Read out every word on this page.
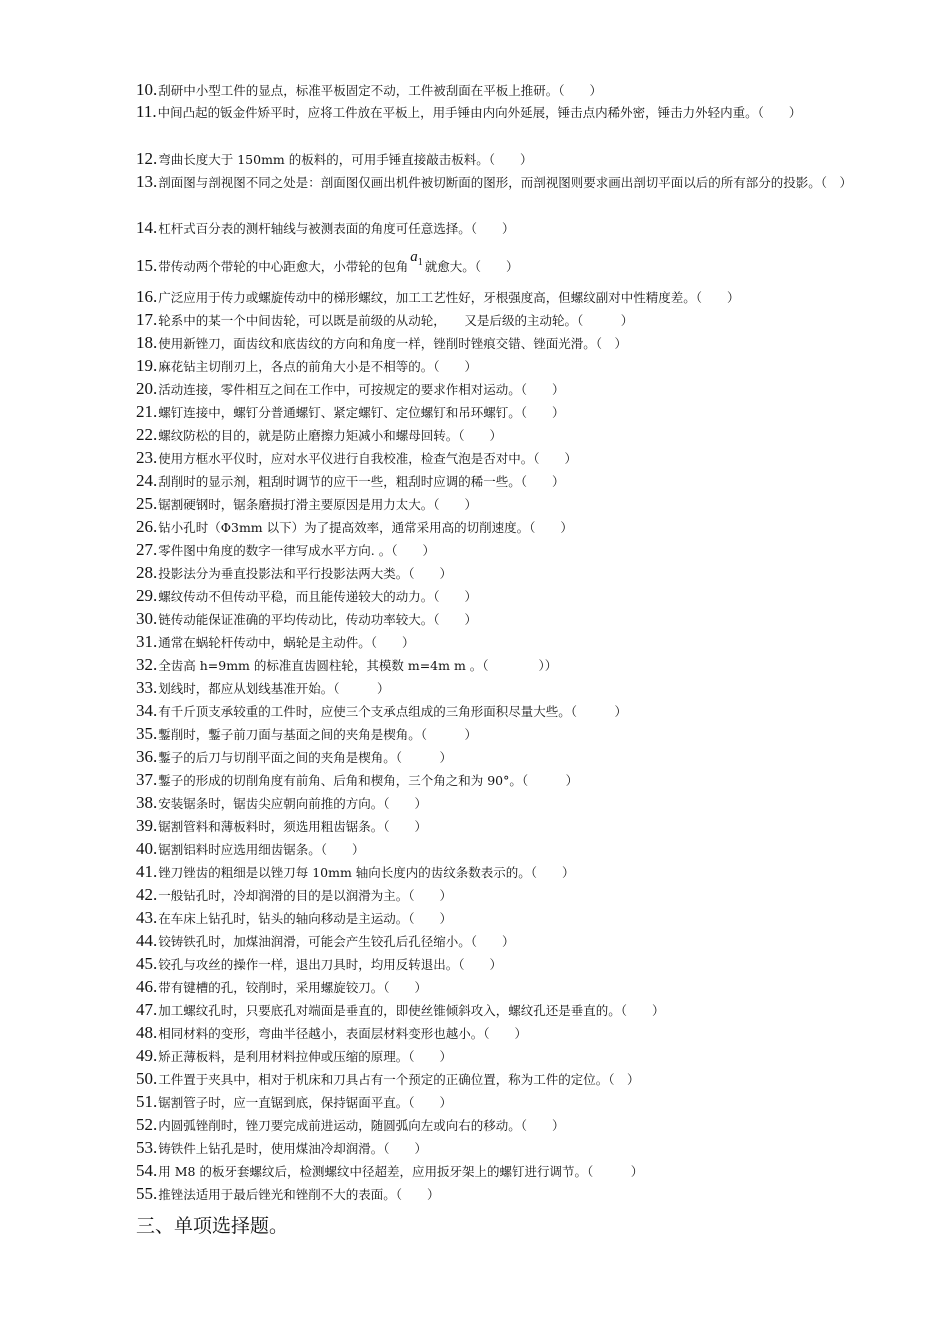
10.刮研中小型工件的显点，标准平板固定不动，工件被刮面在平板上推研。（　　）
11.中间凸起的钣金件矫平时，应将工件放在平板上，用手锤由内向外延展，锤击点内稀外密，锤击力外轻内重。（　　）
12.弯曲长度大于 150mm 的板料的，可用手锤直接敲击板料。（　　）
13.剖面图与剖视图不同之处是：剖面图仅画出机件被切断面的图形，而剖视图则要求画出剖切平面以后的所有部分的投影。（　）
14.杠杆式百分表的测杆轴线与被测表面的角度可任意选择。（　　）
15.带传动两个带轮的中心距愈大，小带轮的包角$a_1$ 就愈大。（　　）
16.广泛应用于传力或螺旋传动中的梯形螺纹，加工工艺性好，牙根强度高，但螺纹副对中性精度差。（　　）
17.轮系中的某一个中间齿轮，可以既是前级的从动轮，　　又是后级的主动轮。（　　　）
18.使用新锉刀，面齿纹和底齿纹的方向和角度一样，锉削时锉痕交错、锉面光滑。（　）
19.麻花钻主切削刃上，各点的前角大小是不相等的。（　　）
20.活动连接，零件相互之间在工作中，可按规定的要求作相对运动。（　　）
21.螺钉连接中，螺钉分普通螺钉、紧定螺钉、定位螺钉和吊环螺钉。（　　）
22.螺纹防松的目的，就是防止磨擦力矩减小和螺母回转。（　　）
23.使用方框水平仪时，应对水平仪进行自我校准，检查气泡是否对中。（　　）
24.刮削时的显示剂，粗刮时调节的应干一些，粗刮时应调的稀一些。（　　）
25.锯割硬钢时，锯条磨损打滑主要原因是用力太大。（　　）
26.钻小孔时（Φ3mm 以下）为了提高效率，通常采用高的切削速度。（　　）
27.零件图中角度的数字一律写成水平方向. 。（　　）
28.投影法分为垂直投影法和平行投影法两大类。（　　）
29.螺纹传动不但传动平稳，而且能传递较大的动力。（　　）
30.链传动能保证准确的平均传动比，传动功率较大。（　　）
31.通常在蜗轮杆传动中，蜗轮是主动件。（　　）
32.全齿高 h=9mm 的标准直齿圆柱轮，其模数 m=4m m 。（　　　　））
33.划线时，都应从划线基准开始。（　　　）
34.有千斤顶支承较重的工件时，应使三个支承点组成的三角形面积尽量大些。（　　　）
35.鏨削时，鏨子前刀面与基面之间的夹角是楔角。（　　　）
36.鏨子的后刀与切削平面之间的夹角是楔角。（　　　）
37.鏨子的形成的切削角度有前角、后角和楔角，三个角之和为 90°。（　　　）
38.安装锯条时，锯齿尖应朝向前推的方向。（　　）
39.锯割管料和薄板料时，须选用粗齿锯条。（　　）
40.锯割铝料时应选用细齿锯条。（　　）
41.锉刀锉齿的粗细是以锉刀每 10mm 轴向长度内的齿纹条数表示的。（　　）
42.一般钻孔时，冷却润滑的目的是以润滑为主。（　　）
43.在车床上钻孔时，钻头的轴向移动是主运动。（　　）
44.铰铸铁孔时，加煤油润滑，可能会产生铰孔后孔径缩小。（　　）
45.铰孔与攻丝的操作一样，退出刀具时，均用反转退出。（　　）
46.带有键槽的孔，铰削时，采用螺旋铰刀。（　　）
47.加工螺纹孔时，只要底孔对端面是垂直的，即使丝锥倾斜攻入，螺纹孔还是垂直的。（　　）
48.相同材料的变形，弯曲半径越小，表面层材料变形也越小。（　　）
49.矫正薄板料，是利用材料拉伸或压缩的原理。（　　）
50.工件置于夹具中，相对于机床和刀具占有一个预定的正确位置，称为工件的定位。（　）
51.锯割管子时，应一直锯到底，保持锯面平直。（　　）
52.内圆弧锉削时，锉刀要完成前进运动，随圆弧向左或向右的移动。（　　）
53.铸铁件上钻孔是时，使用煤油冷却润滑。（　　）
54.用 M8 的板牙套螺纹后，检测螺纹中径超差，应用扳牙架上的螺钉进行调节。（　　　）
55.推锉法适用于最后锉光和锉削不大的表面。（　　）
三、单项选择题。
